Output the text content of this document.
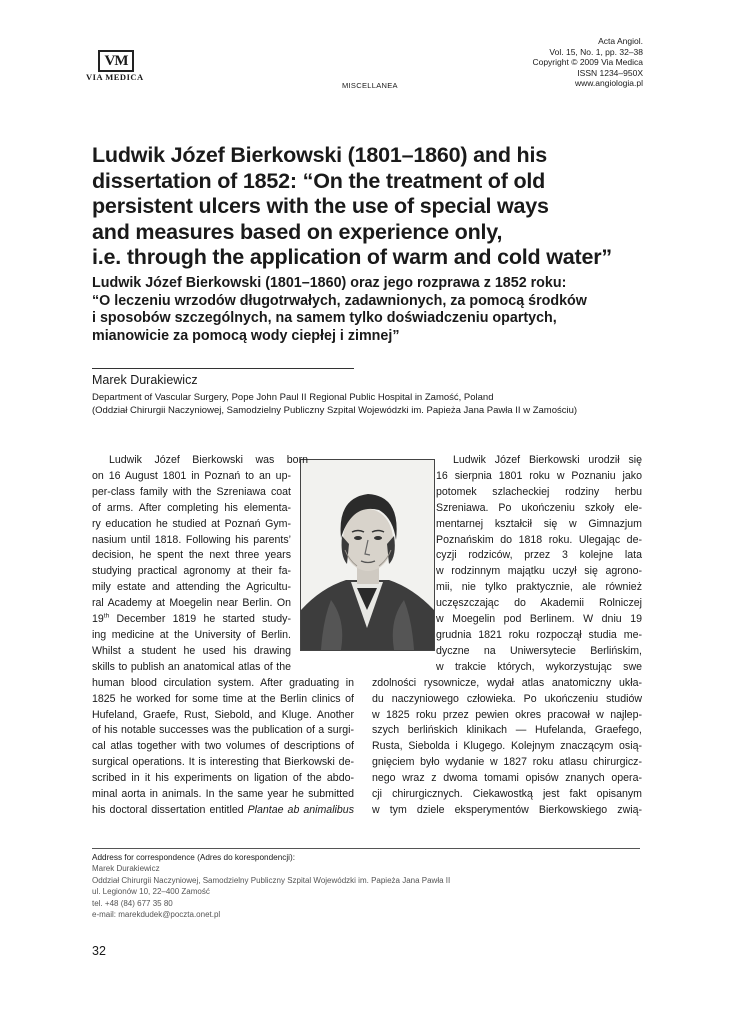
VM
VIA MEDICA
MISCELLANEA
Acta Angiol.
Vol. 15, No. 1, pp. 32–38
Copyright © 2009 Via Medica
ISSN 1234–950X
www.angiologia.pl
Ludwik Józef Bierkowski (1801–1860) and his
dissertation of 1852: “On the treatment of old
persistent ulcers with the use of special ways
and measures based on experience only,
i.e. through the application of warm and cold water”
Ludwik Józef Bierkowski (1801–1860) oraz jego rozprawa z 1852 roku:
“O leczeniu wrzodów długotrwałych, zadawnionych, za pomocą środków
i sposobów szczególnych, na samem tylko doświadczeniu opartych,
mianowicie za pomocą wody ciepłej i zimnej”
Marek Durakiewicz
Department of Vascular Surgery, Pope John Paul II Regional Public Hospital in Zamość, Poland
(Oddział Chirurgii Naczyniowej, Samodzielny Publiczny Szpital Wojewódzki im. Papieża Jana Pawła II w Zamościu)
Ludwik Józef Bierkowski was born
on 16 August 1801 in Poznań to an up-
per-class family with the Szreniawa coat
of arms. After completing his elementa-
ry education he studied at Poznań Gym-
nasium until 1818. Following his parents’
decision, he spent the next three years
studying practical agronomy at their fa-
mily estate and attending the Agricultu-
ral Academy at Moegelin near Berlin. On
19th December 1819 he started study-
ing medicine at the University of Berlin.
Whilst a student he used his drawing
skills to publish an anatomical atlas of the
human blood circulation system. After graduating in
1825 he worked for some time at the Berlin clinics of
Hufeland, Graefe, Rust, Siebold, and Kluge. Another
of his notable successes was the publication of a surgi-
cal atlas together with two volumes of descriptions of
surgical operations. It is interesting that Bierkowski de-
scribed in it his experiments on ligation of the abdo-
minal aorta in animals. In the same year he submitted
his doctoral dissertation entitled Plantae ab animalibus
Ludwik Józef Bierkowski urodził się
16 sierpnia 1801 roku w Poznaniu jako
potomek szlacheckiej rodziny herbu
Szreniawa. Po ukończeniu szkoły ele-
mentarnej kształcił się w Gimnazjum
Poznańskim do 1818 roku. Ulegając de-
cyzji rodziców, przez 3 kolejne lata
w rodzinnym majątku uczył się agrono-
mii, nie tylko praktycznie, ale również
uczęszczając do Akademii Rolniczej
w Moegelin pod Berlinem. W dniu 19
grudnia 1821 roku rozpoczął studia me-
dyczne na Uniwersytecie Berlińskim,
w trakcie których, wykorzystując swe
zdolności rysownicze, wydał atlas anatomiczny ukła-
du naczyniowego człowieka. Po ukończeniu studiów
w 1825 roku przez pewien okres pracował w najlep-
szych berlińskich klinikach — Hufelanda, Graefego,
Rusta, Siebolda i Klugego. Kolejnym znaczącym osią-
gnięciem było wydanie w 1827 roku atlasu chirurgicz-
nego wraz z dwoma tomami opisów znanych opera-
cji chirurgicznych. Ciekawostką jest fakt opisanym
w tym dziele eksperymentów Bierkowskiego zwią-
Address for correspondence (Adres do korespondencji):
Marek Durakiewicz
Oddział Chirurgii Naczyniowej, Samodzielny Publiczny Szpital Wojewódzki im. Papieża Jana Pawła II
ul. Legionów 10, 22–400 Zamość
tel. +48 (84) 677 35 80
e-mail: marekdudek@poczta.onet.pl
32
